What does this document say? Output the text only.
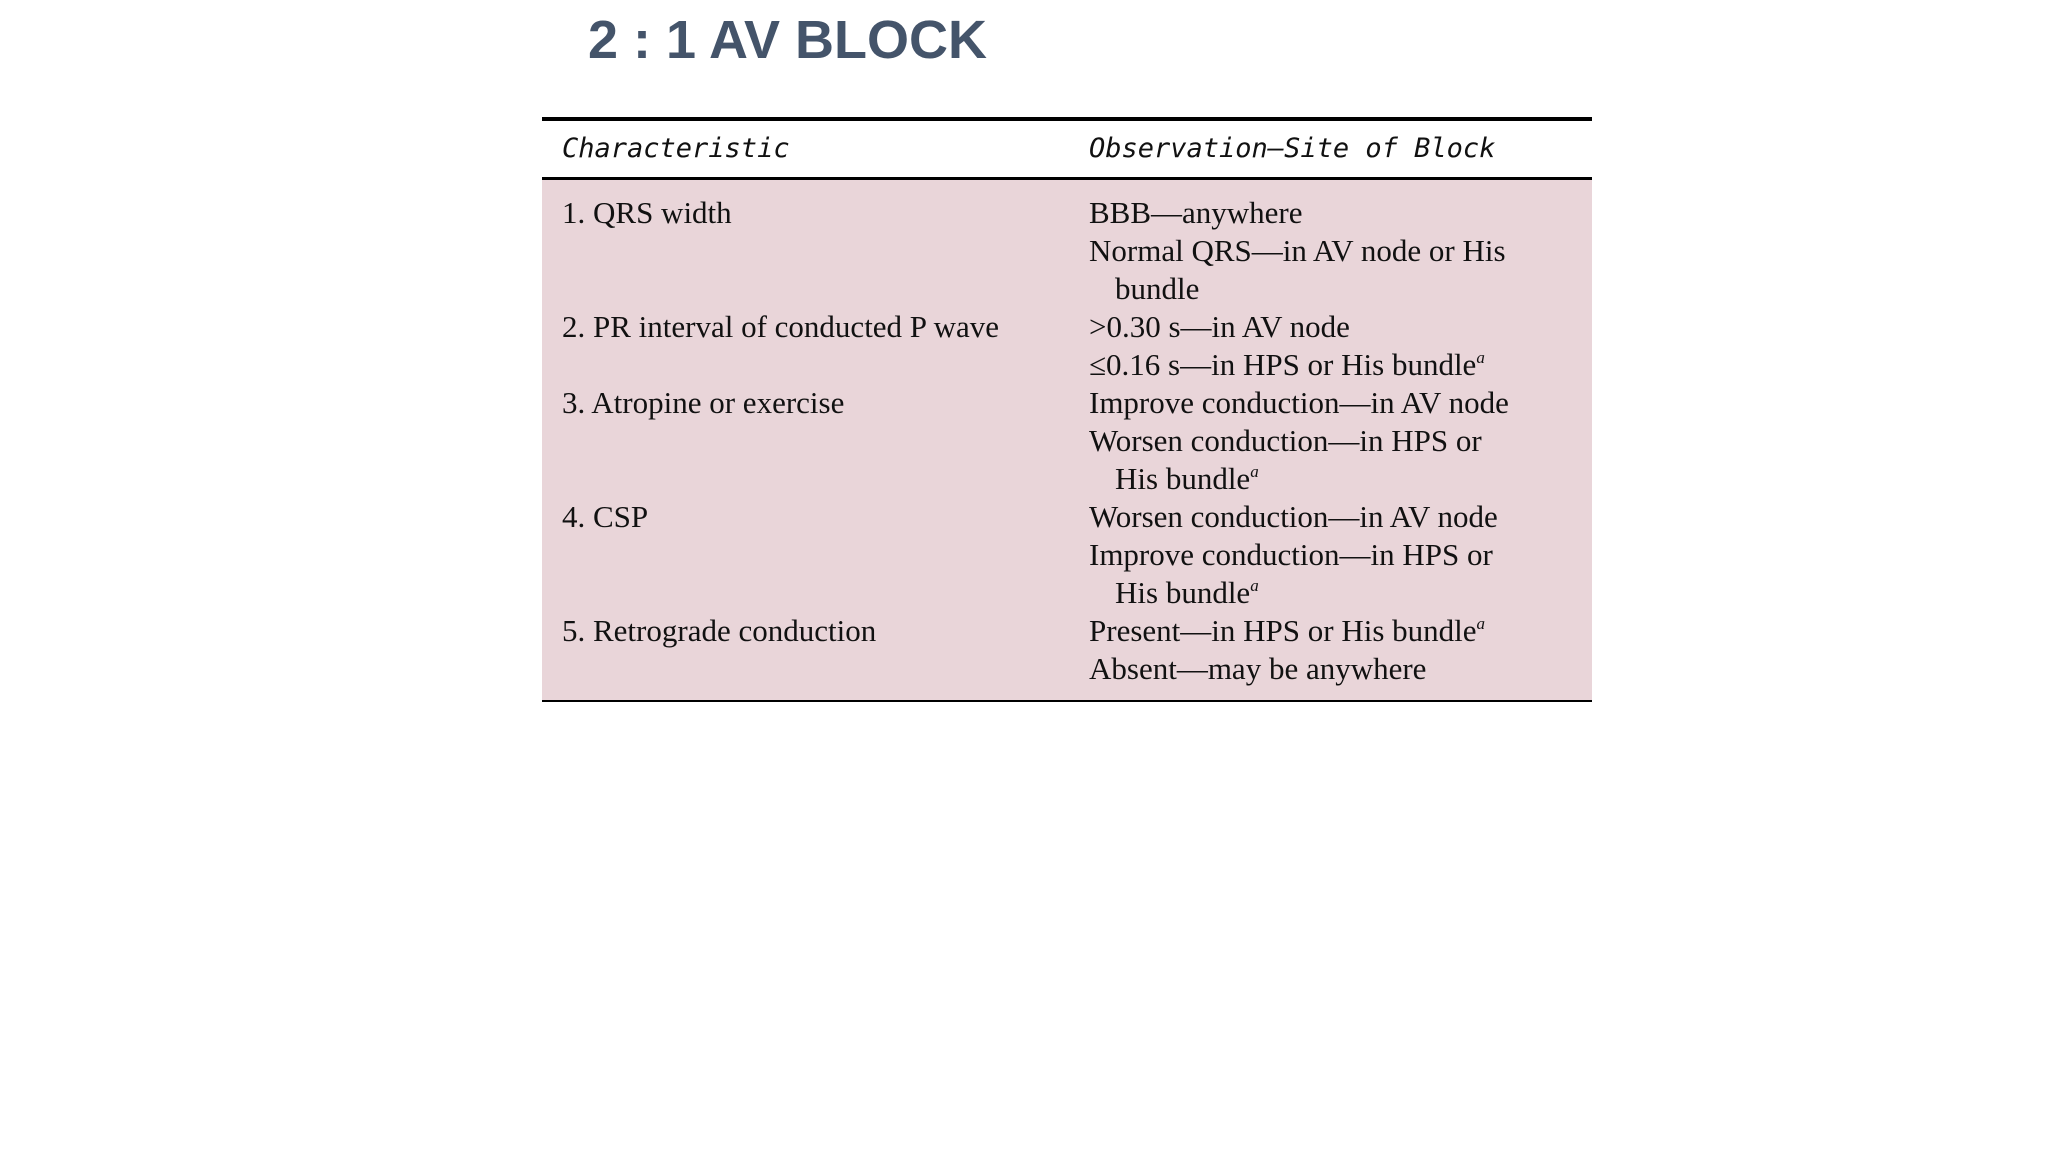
2 : 1 AV BLOCK
Characteristic	Observation—Site of Block
1. QRS width	BBB—anywhere
Normal QRS—in AV node or His
bundle
2. PR interval of conducted P wave	>0.30 s—in AV node
≤0.16 s—in HPS or His bundle$^a$
3. Atropine or exercise	Improve conduction—in AV node
Worsen conduction—in HPS or
His bundle$^a$
4. CSP	Worsen conduction—in AV node
Improve conduction—in HPS or
His bundle$^a$
5. Retrograde conduction	Present—in HPS or His bundle$^a$
Absent—may be anywhere
